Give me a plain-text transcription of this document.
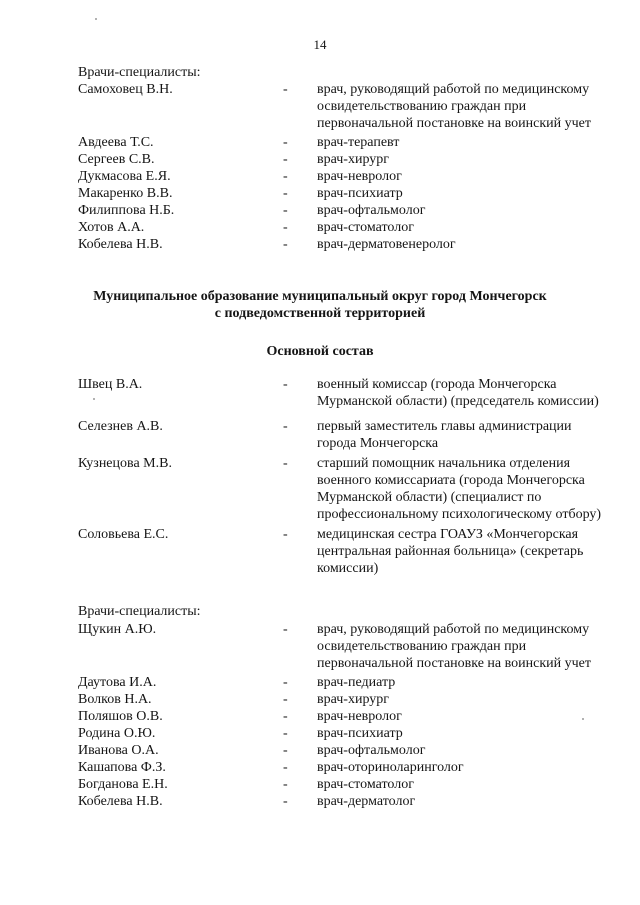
14
Врачи-специалисты:
Самоховец В.Н.	- врач, руководящий работой по медицинскому освидетельствованию граждан при первоначальной постановке на воинский учет
Авдеева Т.С.	- врач-терапевт
Сергеев С.В.	- врач-хирург
Дукмасова Е.Я.	- врач-невролог
Макаренко В.В.	- врач-психиатр
Филиппова Н.Б.	- врач-офтальмолог
Хотов А.А.	- врач-стоматолог
Кобелева Н.В.	- врач-дерматовенеролог
Муниципальное образование муниципальный округ город Мончегорск
с подведомственной территорией
Основной состав
Швец В.А.	- военный комиссар (города Мончегорска Мурманской области) (председатель комиссии)
Селезнев А.В.	- первый заместитель главы администрации города Мончегорска
Кузнецова М.В.	- старший помощник начальника отделения военного комиссариата (города Мончегорска Мурманской области) (специалист по профессиональному психологическому отбору)
Соловьева Е.С.	- медицинская сестра ГОАУЗ «Мончегорская центральная районная больница» (секретарь комиссии)
Врачи-специалисты:
Щукин А.Ю.	- врач, руководящий работой по медицинскому освидетельствованию граждан при первоначальной постановке на воинский учет
Даутова И.А.	- врач-педиатр
Волков Н.А.	- врач-хирург
Поляшов О.В.	- врач-невролог
Родина О.Ю.	- врач-психиатр
Иванова О.А.	- врач-офтальмолог
Кашапова Ф.З.	- врач-оториноларинголог
Богданова Е.Н.	- врач-стоматолог
Кобелева Н.В.	- врач-дерматолог
